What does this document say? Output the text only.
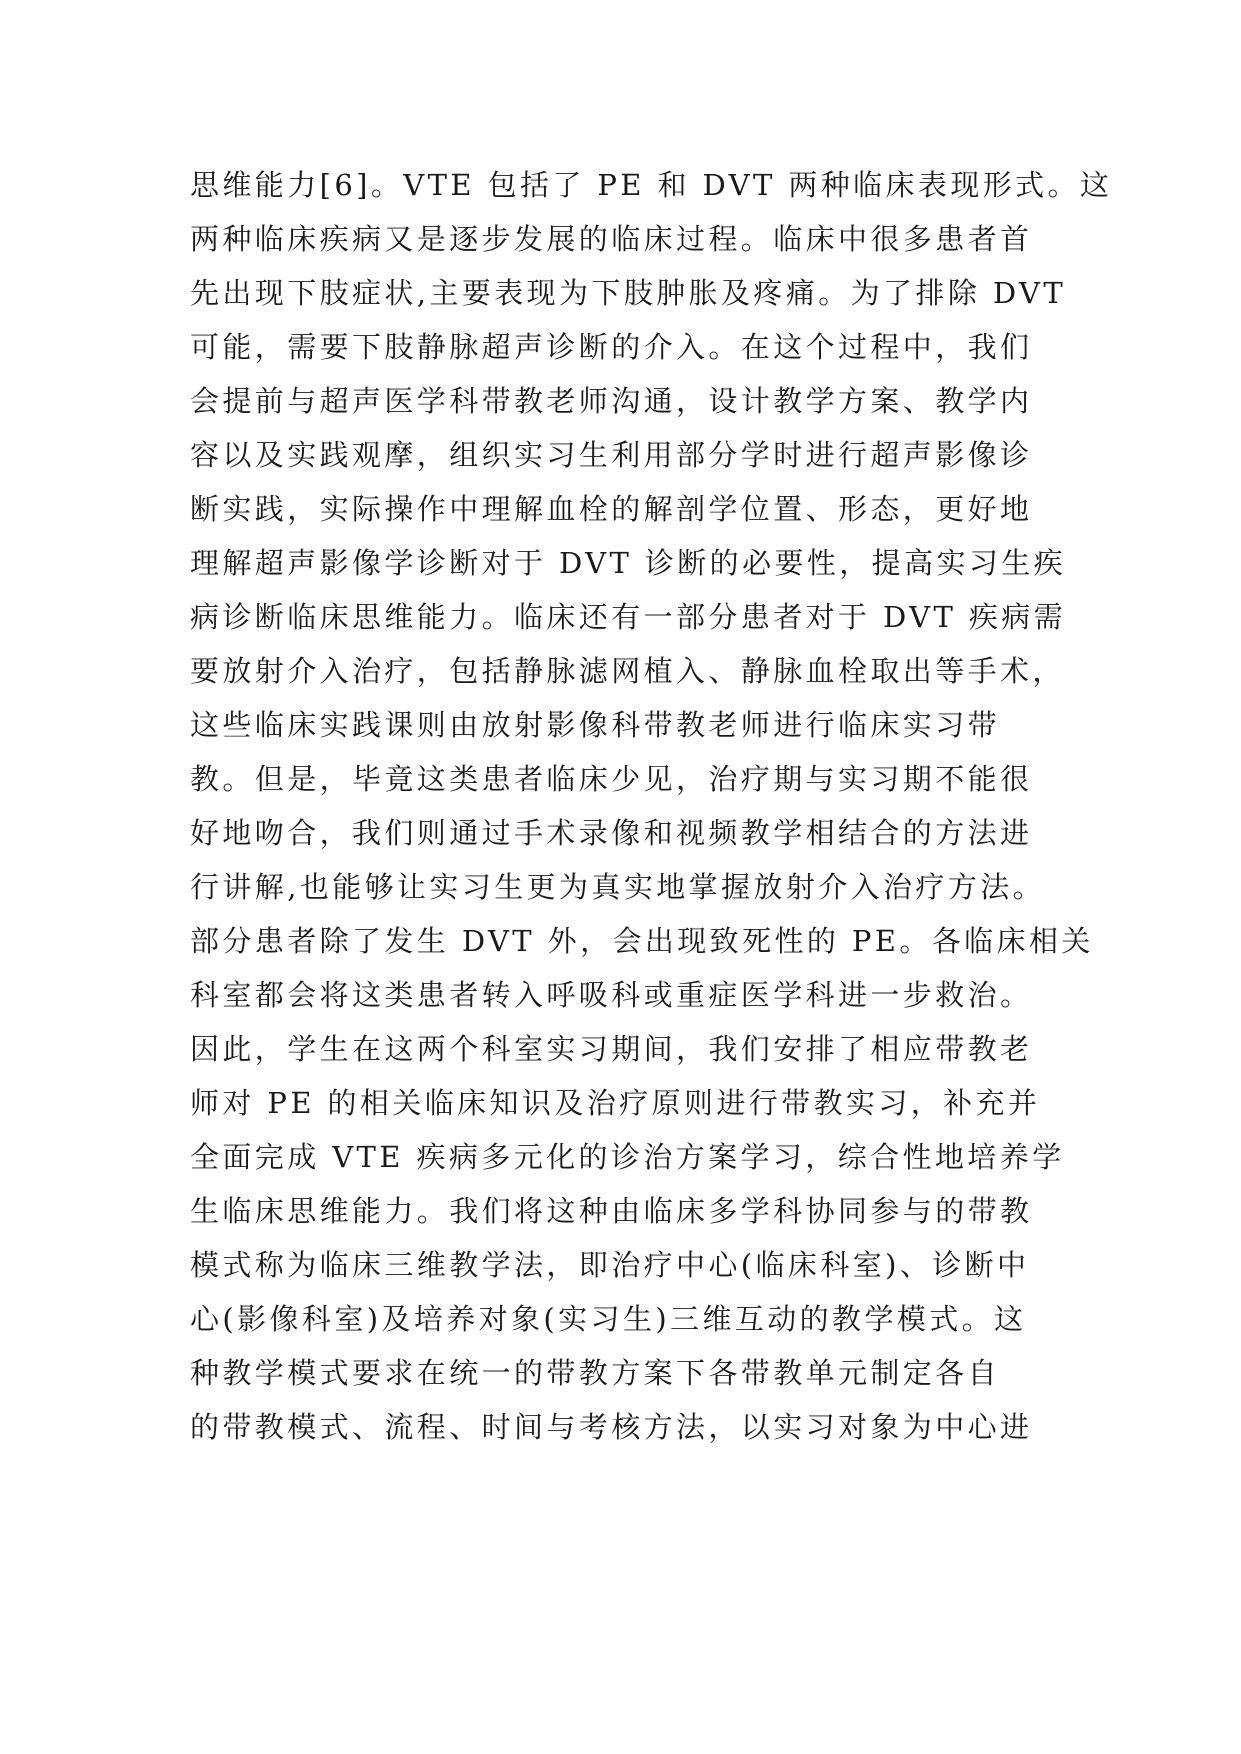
思维能力[6]。VTE 包括了 PE 和 DVT 两种临床表现形式。这
两种临床疾病又是逐步发展的临床过程。临床中很多患者首
先出现下肢症状,主要表现为下肢肿胀及疼痛。为了排除 DVT
可能，需要下肢静脉超声诊断的介入。在这个过程中，我们
会提前与超声医学科带教老师沟通，设计教学方案、教学内
容以及实践观摩，组织实习生利用部分学时进行超声影像诊
断实践，实际操作中理解血栓的解剖学位置、形态，更好地
理解超声影像学诊断对于 DVT 诊断的必要性，提高实习生疾
病诊断临床思维能力。临床还有一部分患者对于 DVT 疾病需
要放射介入治疗，包括静脉滤网植入、静脉血栓取出等手术，
这些临床实践课则由放射影像科带教老师进行临床实习带
教。但是，毕竟这类患者临床少见，治疗期与实习期不能很
好地吻合，我们则通过手术录像和视频教学相结合的方法进
行讲解,也能够让实习生更为真实地掌握放射介入治疗方法。
部分患者除了发生 DVT 外，会出现致死性的 PE。各临床相关
科室都会将这类患者转入呼吸科或重症医学科进一步救治。
因此，学生在这两个科室实习期间，我们安排了相应带教老
师对 PE 的相关临床知识及治疗原则进行带教实习，补充并
全面完成 VTE 疾病多元化的诊治方案学习，综合性地培养学
生临床思维能力。我们将这种由临床多学科协同参与的带教
模式称为临床三维教学法，即治疗中心(临床科室)、诊断中
心(影像科室)及培养对象(实习生)三维互动的教学模式。这
种教学模式要求在统一的带教方案下各带教单元制定各自
的带教模式、流程、时间与考核方法，以实习对象为中心进
